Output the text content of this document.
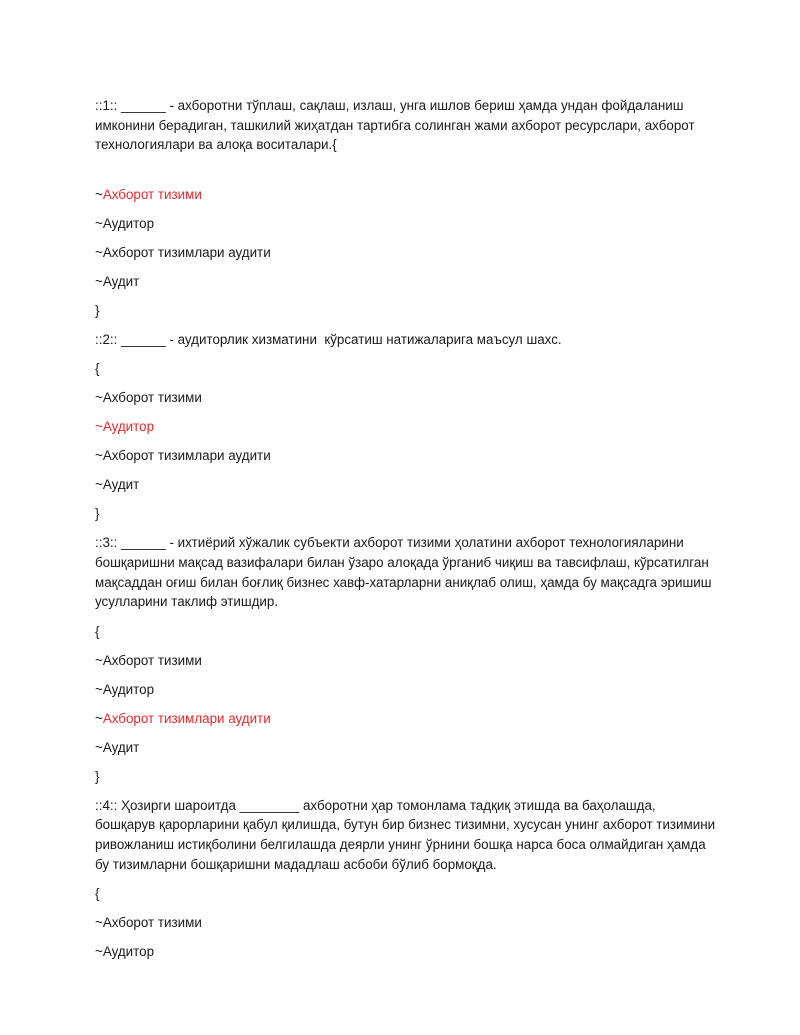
::1:: ______ - ахборотни тўплаш, сақлаш, излаш, унга ишлов бериш ҳамда ундан фойдаланиш имконини берадиган, ташкилий жиҳатдан тартибга солинган жами ахборот ресурслари, ахборот технологиялари ва алоқа воситалари.{

~Ахборот тизими

~Аудитор

~Ахборот тизимлари аудити

~Аудит

}

::2:: ______ - аудиторлик хизматини  кўрсатиш натижаларига маъсул шахс.

{

~Ахборот тизими

~Аудитор

~Ахборот тизимлари аудити

~Аудит

}

::3:: ______ - ихтиёрий хўжалик субъекти ахборот тизими ҳолатини ахборот технологияларини бошқаришни мақсад вазифалари билан ўзаро алоқада ўрганиб чиқиш ва тавсифлаш, кўрсатилган мақсаддан оғиш билан боғлиқ бизнес хавф-хатарларни аниқлаб олиш, ҳамда бу мақсадга эришиш усулларини таклиф этишдир.

{

~Ахборот тизими

~Аудитор

~Ахборот тизимлари аудити

~Аудит

}

::4:: Ҳозирги шароитда ________ ахборотни ҳар томонлама тадқиқ этишда ва баҳолашда, бошқарув қарорларини қабул қилишда, бутун бир бизнес тизимни, хусусан унинг ахборот тизимини ривожланиш истиқболини белгилашда деярли унинг ўрнини бошқа нарса боса олмайдиган ҳамда бу тизимларни бошқаришни мададлаш асбоби бўлиб бормоқда.

{

~Ахборот тизими

~Аудитор
